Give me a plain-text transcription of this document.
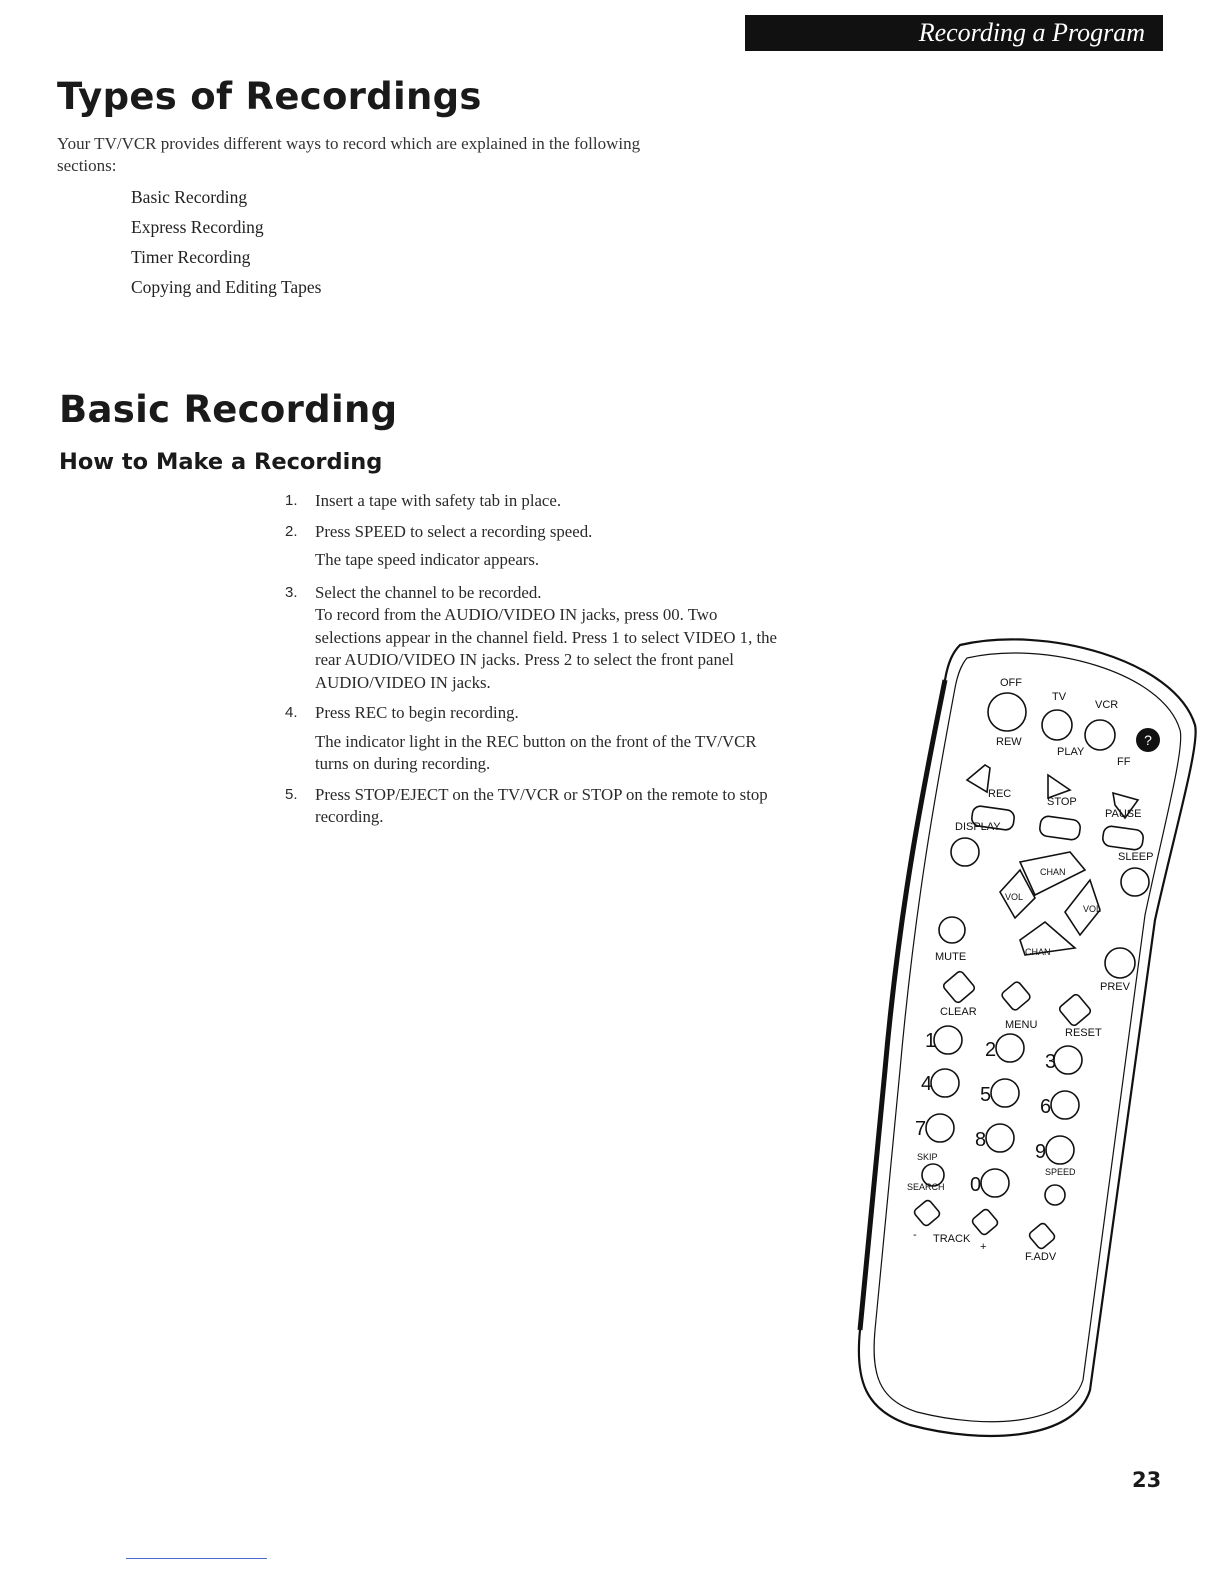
Recording a Program
Types of Recordings

Your TV/VCR provides different ways to record which are explained in the following sections:

Basic Recording
Express Recording
Timer Recording
Copying and Editing Tapes
Basic Recording
How to Make a Recording
1. Insert a tape with safety tab in place.
2. Press SPEED to select a recording speed.
The tape speed indicator appears.
3. Select the channel to be recorded.
To record from the AUDIO/VIDEO IN jacks, press 00. Two selections appear in the channel field. Press 1 to select VIDEO 1, the rear AUDIO/VIDEO IN jacks. Press 2 to select the front panel AUDIO/VIDEO IN jacks.
4. Press REC to begin recording.
The indicator light in the REC button on the front of the TV/VCR turns on during recording.
5. Press STOP/EJECT on the TV/VCR or STOP on the remote to stop recording.
?
OFF
TV
VCR
REW
PLAY
FF
REC
STOP
PAUSE
DISPLAY
SLEEP
CHAN
VOL
VOL
CHAN
MUTE
PREV
CLEAR
MENU
RESET
SKIP
SEARCH
SPEED
- TRACK
+
F.ADV
1 2
3
4 5
6
7 8
9
0
23
